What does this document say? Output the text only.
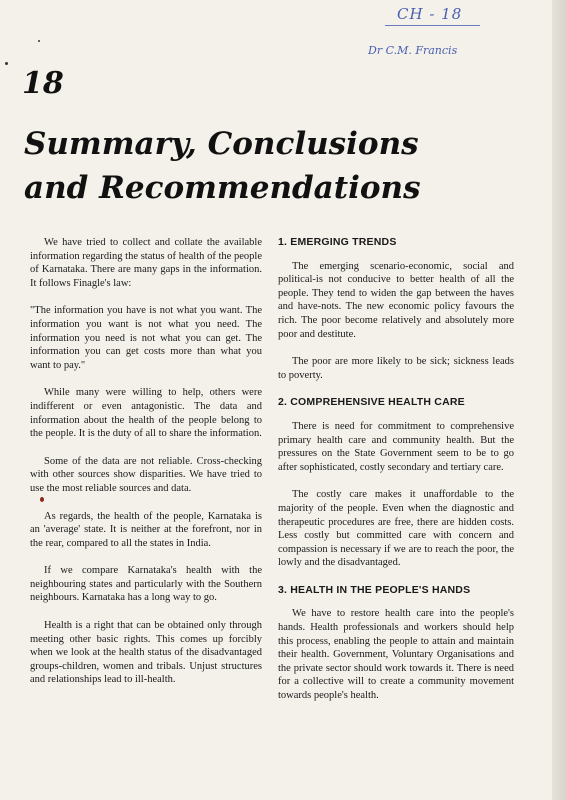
CH - 18
Dr C.M. Francis
18
Summary, Conclusions
and Recommendations

We have tried to collect and collate the available information regarding the status of health of the people of Karnataka. There are many gaps in the information. It follows Finagle's law:

"The information you have is not what you want. The information you want is not what you need. The information you need is not what you can get. The information you can get costs more than what you want to pay."

While many were willing to help, others were indifferent or even antagonistic. The data and information about the health of the people belong to the people. It is the duty of all to share the information.

Some of the data are not reliable. Cross-checking with other sources show disparities. We have tried to use the most reliable sources and data.

As regards, the health of the people, Karnataka is an 'average' state. It is neither at the forefront, nor in the rear, compared to all the states in India.

If we compare Karnataka's health with the neighbouring states and particularly with the Southern neighbours. Karnataka has a long way to go.

Health is a right that can be obtained only through meeting other basic rights. This comes up forcibly when we look at the health status of the disadvantaged groups-children, women and tribals. Unjust structures and relationships lead to ill-health.

1. EMERGING TRENDS

The emerging scenario-economic, social and political-is not conducive to better health of all the people. They tend to widen the gap between the haves and have-nots. The new economic policy favours the rich. The poor become relatively and absolutely more poor and destitute.

The poor are more likely to be sick; sickness leads to poverty.

2. COMPREHENSIVE HEALTH CARE

There is need for commitment to comprehensive primary health care and community health. But the pressures on the State Government seem to be to go after sophisticated, costly secondary and tertiary care.

The costly care makes it unaffordable to the majority of the people. Even when the diagnostic and therapeutic procedures are free, there are hidden costs. Less costly but committed care with concern and compassion is necessary if we are to reach the poor, the lowly and the disadvantaged.

3. HEALTH IN THE PEOPLE'S HANDS

We have to restore health care into the people's hands. Health professionals and workers should help this process, enabling the people to attain and maintain their health. Government, Voluntary Organisations and the private sector should work towards it. There is need for a collective will to create a community movement towards people's health.
